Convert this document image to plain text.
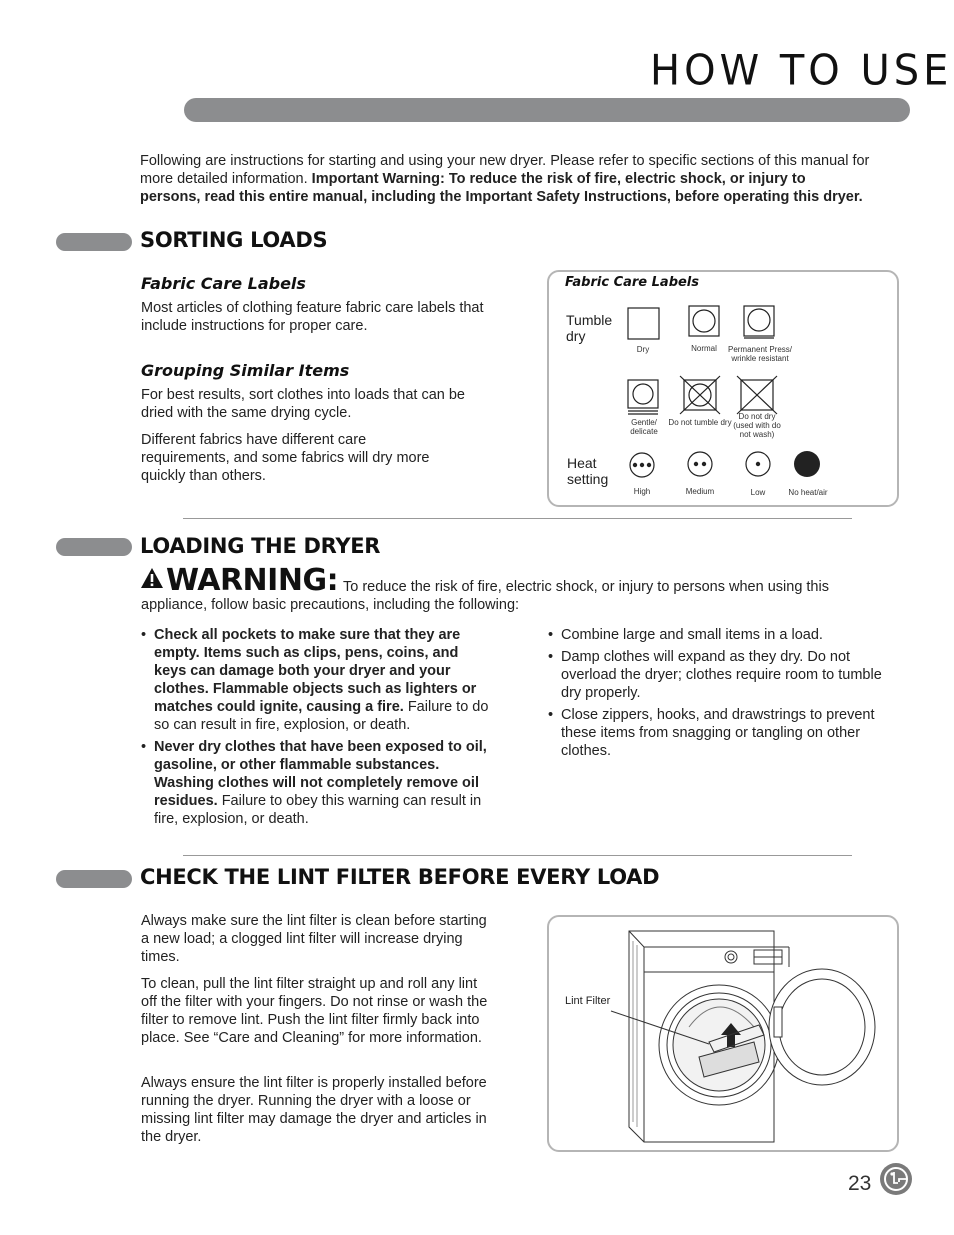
HOW TO USE
Following are instructions for starting and using your new dryer. Please refer to specific sections of this manual for more detailed information. Important Warning: To reduce the risk of fire, electric shock, or injury to persons, read this entire manual, including the Important Safety Instructions, before operating this dryer.
SORTING LOADS
Fabric Care Labels
Most articles of clothing feature fabric care labels that include instructions for proper care.
Grouping Similar Items
For best results, sort clothes into loads that can be dried with the same drying cycle.
Different fabrics have different care requirements, and some fabrics will dry more quickly than others.
Fabric Care Labels
Tumble dry
Heat setting
Dry	Normal	Permanent Press/ wrinkle resistant
Gentle/ delicate
Do not tumble dry
Do not dry (used with do not wash)
High	Medium	Low	No heat/air
LOADING THE DRYER
WARNING: To reduce the risk of fire, electric shock, or injury to persons when using this appliance, follow basic precautions, including the following:
• Check all pockets to make sure that they are empty. Items such as clips, pens, coins, and keys can damage both your dryer and your clothes. Flammable objects such as lighters or matches could ignite, causing a fire. Failure to do so can result in fire, explosion, or death.
• Never dry clothes that have been exposed to oil, gasoline, or other flammable substances. Washing clothes will not completely remove oil residues. Failure to obey this warning can result in fire, explosion, or death.
• Combine large and small items in a load.
• Damp clothes will expand as they dry. Do not overload the dryer; clothes require room to tumble dry properly.
• Close zippers, hooks, and drawstrings to prevent these items from snagging or tangling on other clothes.
CHECK THE LINT FILTER BEFORE EVERY LOAD
Always make sure the lint filter is clean before starting a new load; a clogged lint filter will increase drying times.
To clean, pull the lint filter straight up and roll any lint off the filter with your fingers. Do not rinse or wash the filter to remove lint. Push the lint filter firmly back into place. See “Care and Cleaning” for more information.
Always ensure the lint filter is properly installed before running the dryer. Running the dryer with a loose or missing lint filter may damage the dryer and articles in the dryer.
Lint Filter
23
